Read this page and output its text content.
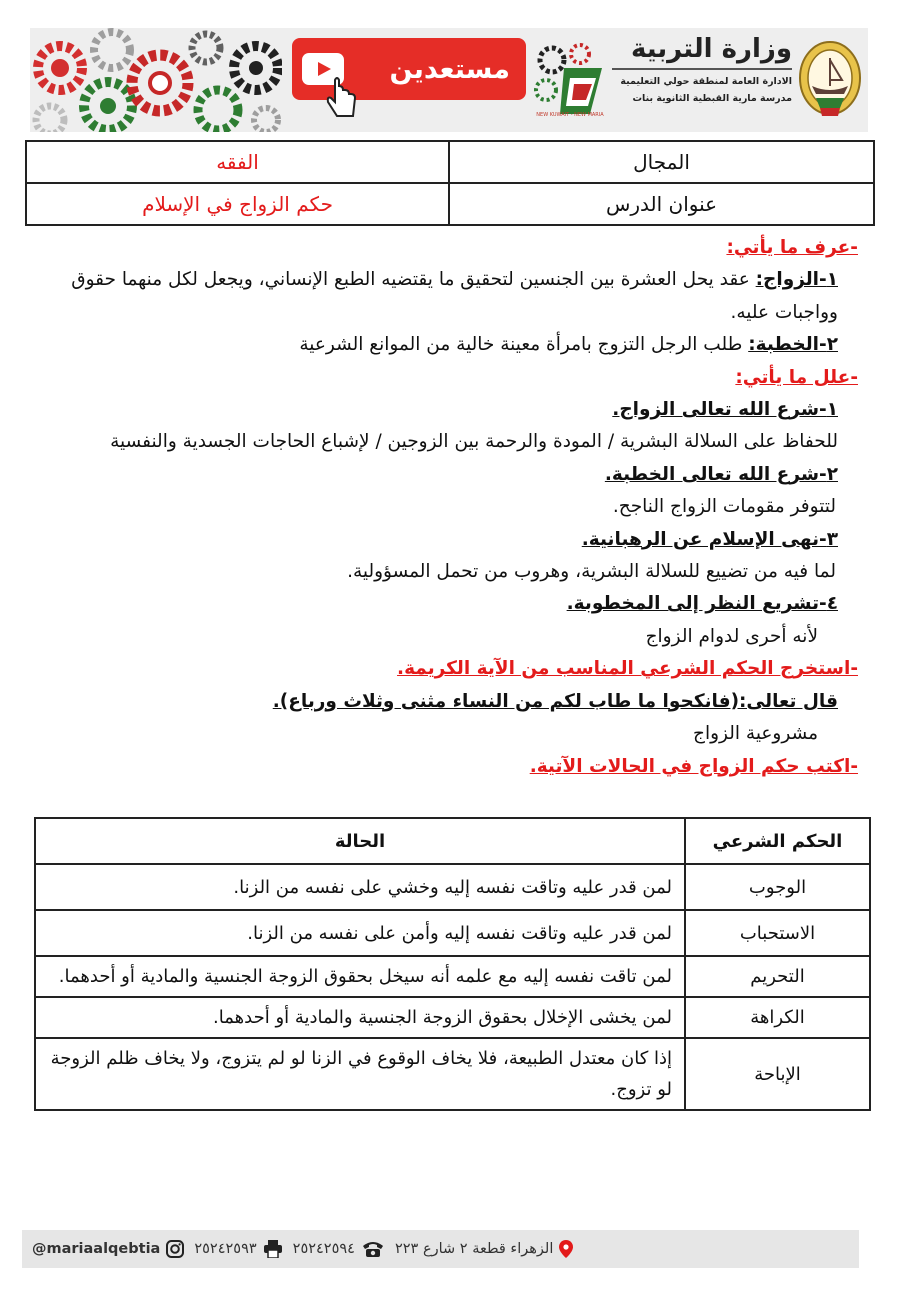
مستعدين
NEW KUWAIT - NEW MARIA
وزارة التربية
الادارة العامة لمنطقة حولي التعليمية
مدرسة مارية القبطية الثانوية بنات
المجال	الفقه
عنوان الدرس	حكم الزواج في الإسلام

-عرف ما يأتي:

١-الزواج: عقد يحل العشرة بين الجنسين لتحقيق ما يقتضيه الطبع الإنساني، ويجعل لكل منهما حقوق وواجبات عليه.

٢-الخطبة: طلب الرجل التزوج بامرأة معينة خالية من الموانع الشرعية

-علل ما يأتي:

١-شرع الله تعالى الزواج.

للحفاظ على السلالة البشرية / المودة والرحمة بين الزوجين / لإشباع الحاجات الجسدية والنفسية

٢-شرع الله تعالى الخطبة.

لتتوفر مقومات الزواج الناجح.

٣-نهى الإسلام عن الرهبانية.

لما فيه من تضييع للسلالة البشرية، وهروب من تحمل المسؤولية.

٤-تشريع النظر إلى المخطوبة.

لأنه أحرى لدوام الزواج

-استخرج الحكم الشرعي المناسب من الآية الكريمة.

قال تعالى:(فانكحوا ما طاب لكم من النساء مثنى وثلاث ورباع).

مشروعية الزواج

-اكتب حكم الزواج في الحالات الآتية.

الحكم الشرعي	الحالة
الوجوب	لمن قدر عليه وتاقت نفسه إليه وخشي على نفسه من الزنا.
الاستحباب	لمن قدر عليه وتاقت نفسه إليه وأمن على نفسه من الزنا.
التحريم	لمن تاقت نفسه إليه مع علمه أنه سيخل بحقوق الزوجة الجنسية والمادية أو أحدهما.
الكراهة	لمن يخشى الإخلال بحقوق الزوجة الجنسية والمادية أو أحدهما.
الإباحة	إذا كان معتدل الطبيعة، فلا يخاف الوقوع في الزنا لو لم يتزوج، ولا يخاف ظلم الزوجة لو تزوج.
الزهراء قطعة ٢ شارع ٢٢٣
٢٥٢٤٢٥٩٤
٢٥٢٤٢٥٩٣
@mariaalqebtia
